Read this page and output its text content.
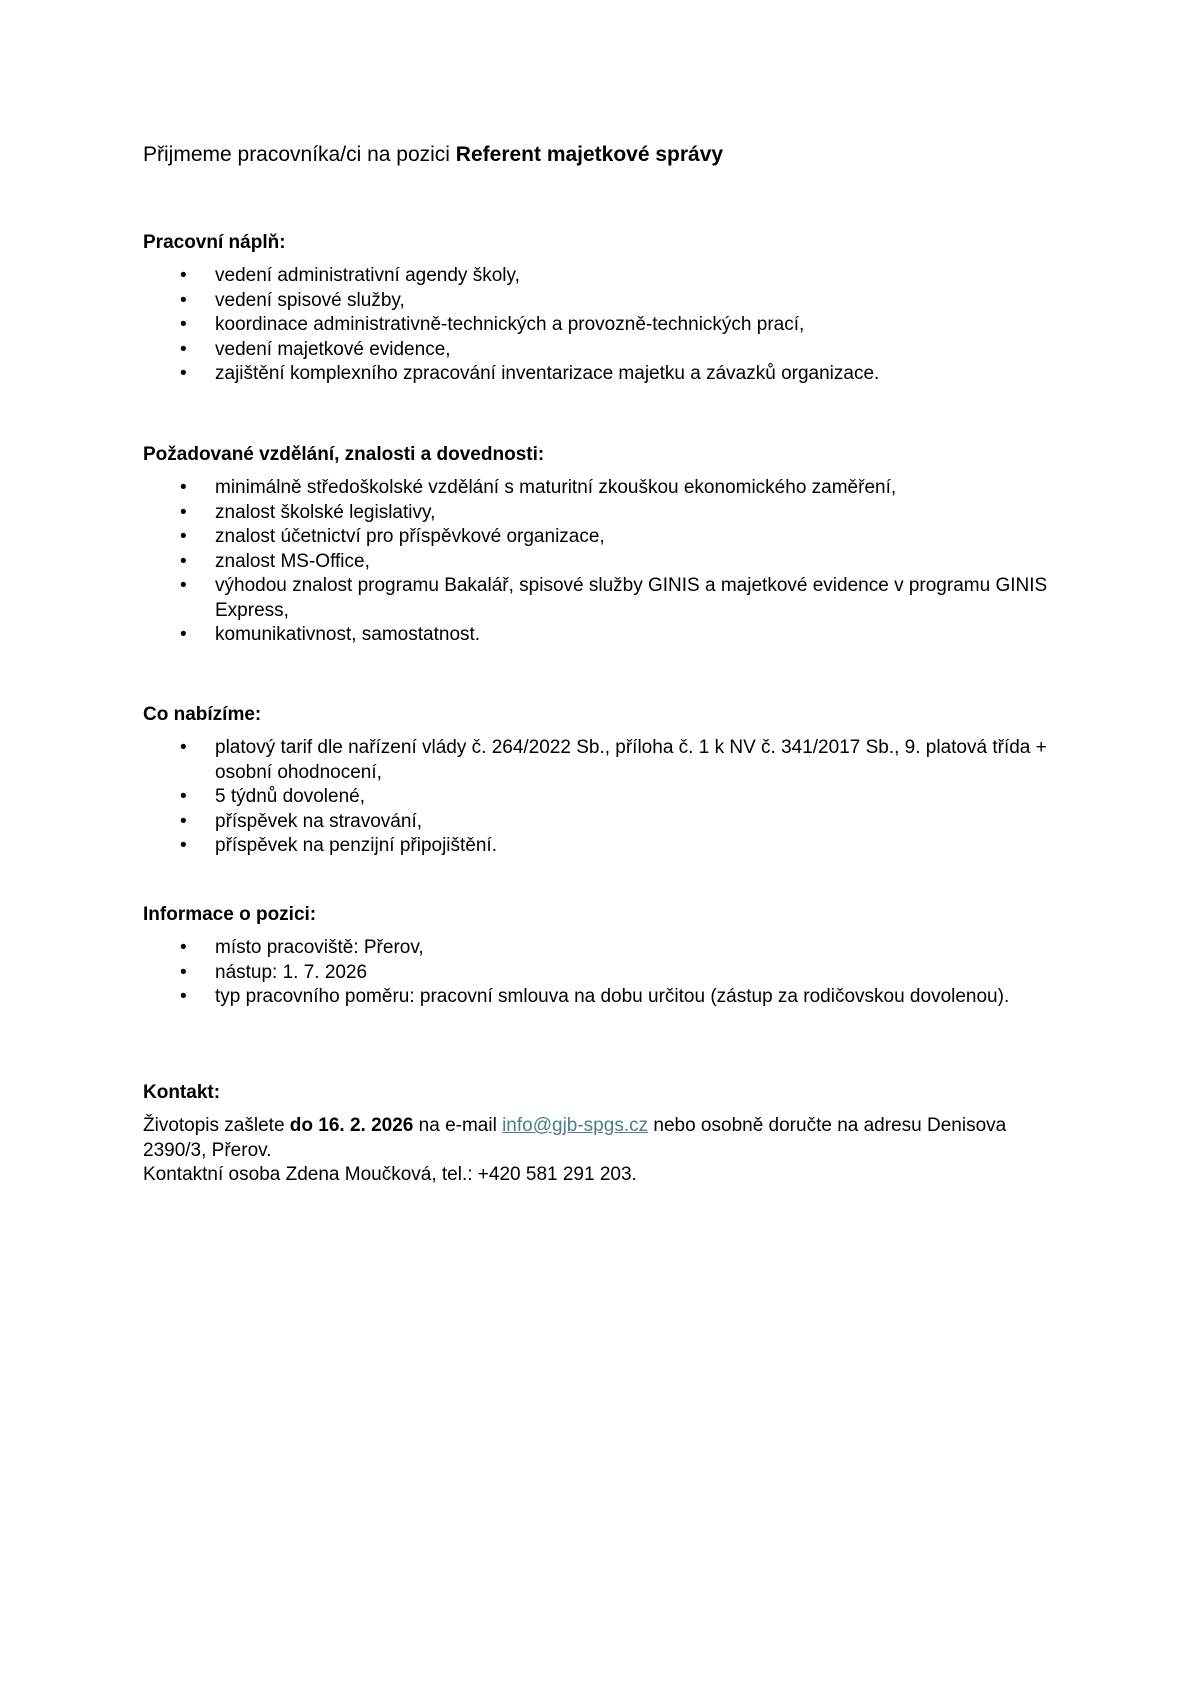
Přijmeme pracovníka/ci na pozici Referent majetkové správy
Pracovní náplň:
• vedení administrativní agendy školy,
• vedení spisové služby,
• koordinace administrativně-technických a provozně-technických prací,
• vedení majetkové evidence,
• zajištění komplexního zpracování inventarizace majetku a závazků organizace.
Požadované vzdělání, znalosti a dovednosti:
• minimálně středoškolské vzdělání s maturitní zkouškou ekonomického zaměření,
• znalost školské legislativy,
• znalost účetnictví pro příspěvkové organizace,
• znalost MS-Office,
• výhodou znalost programu Bakalář, spisové služby GINIS a majetkové evidence v programu GINIS Express,
• komunikativnost, samostatnost.
Co nabízíme:
• platový tarif dle nařízení vlády č. 264/2022 Sb., příloha č. 1 k NV č. 341/2017 Sb., 9. platová třída + osobní ohodnocení,
• 5 týdnů dovolené,
• příspěvek na stravování,
• příspěvek na penzijní připojištění.
Informace o pozici:
• místo pracoviště: Přerov,
• nástup: 1. 7. 2026
• typ pracovního poměru: pracovní smlouva na dobu určitou (zástup za rodičovskou dovolenou).
Kontakt:
Životopis zašlete do 16. 2. 2026 na e-mail info@gjb-spgs.cz nebo osobně doručte na adresu Denisova 2390/3, Přerov.
Kontaktní osoba Zdena Moučková, tel.: +420 581 291 203.
